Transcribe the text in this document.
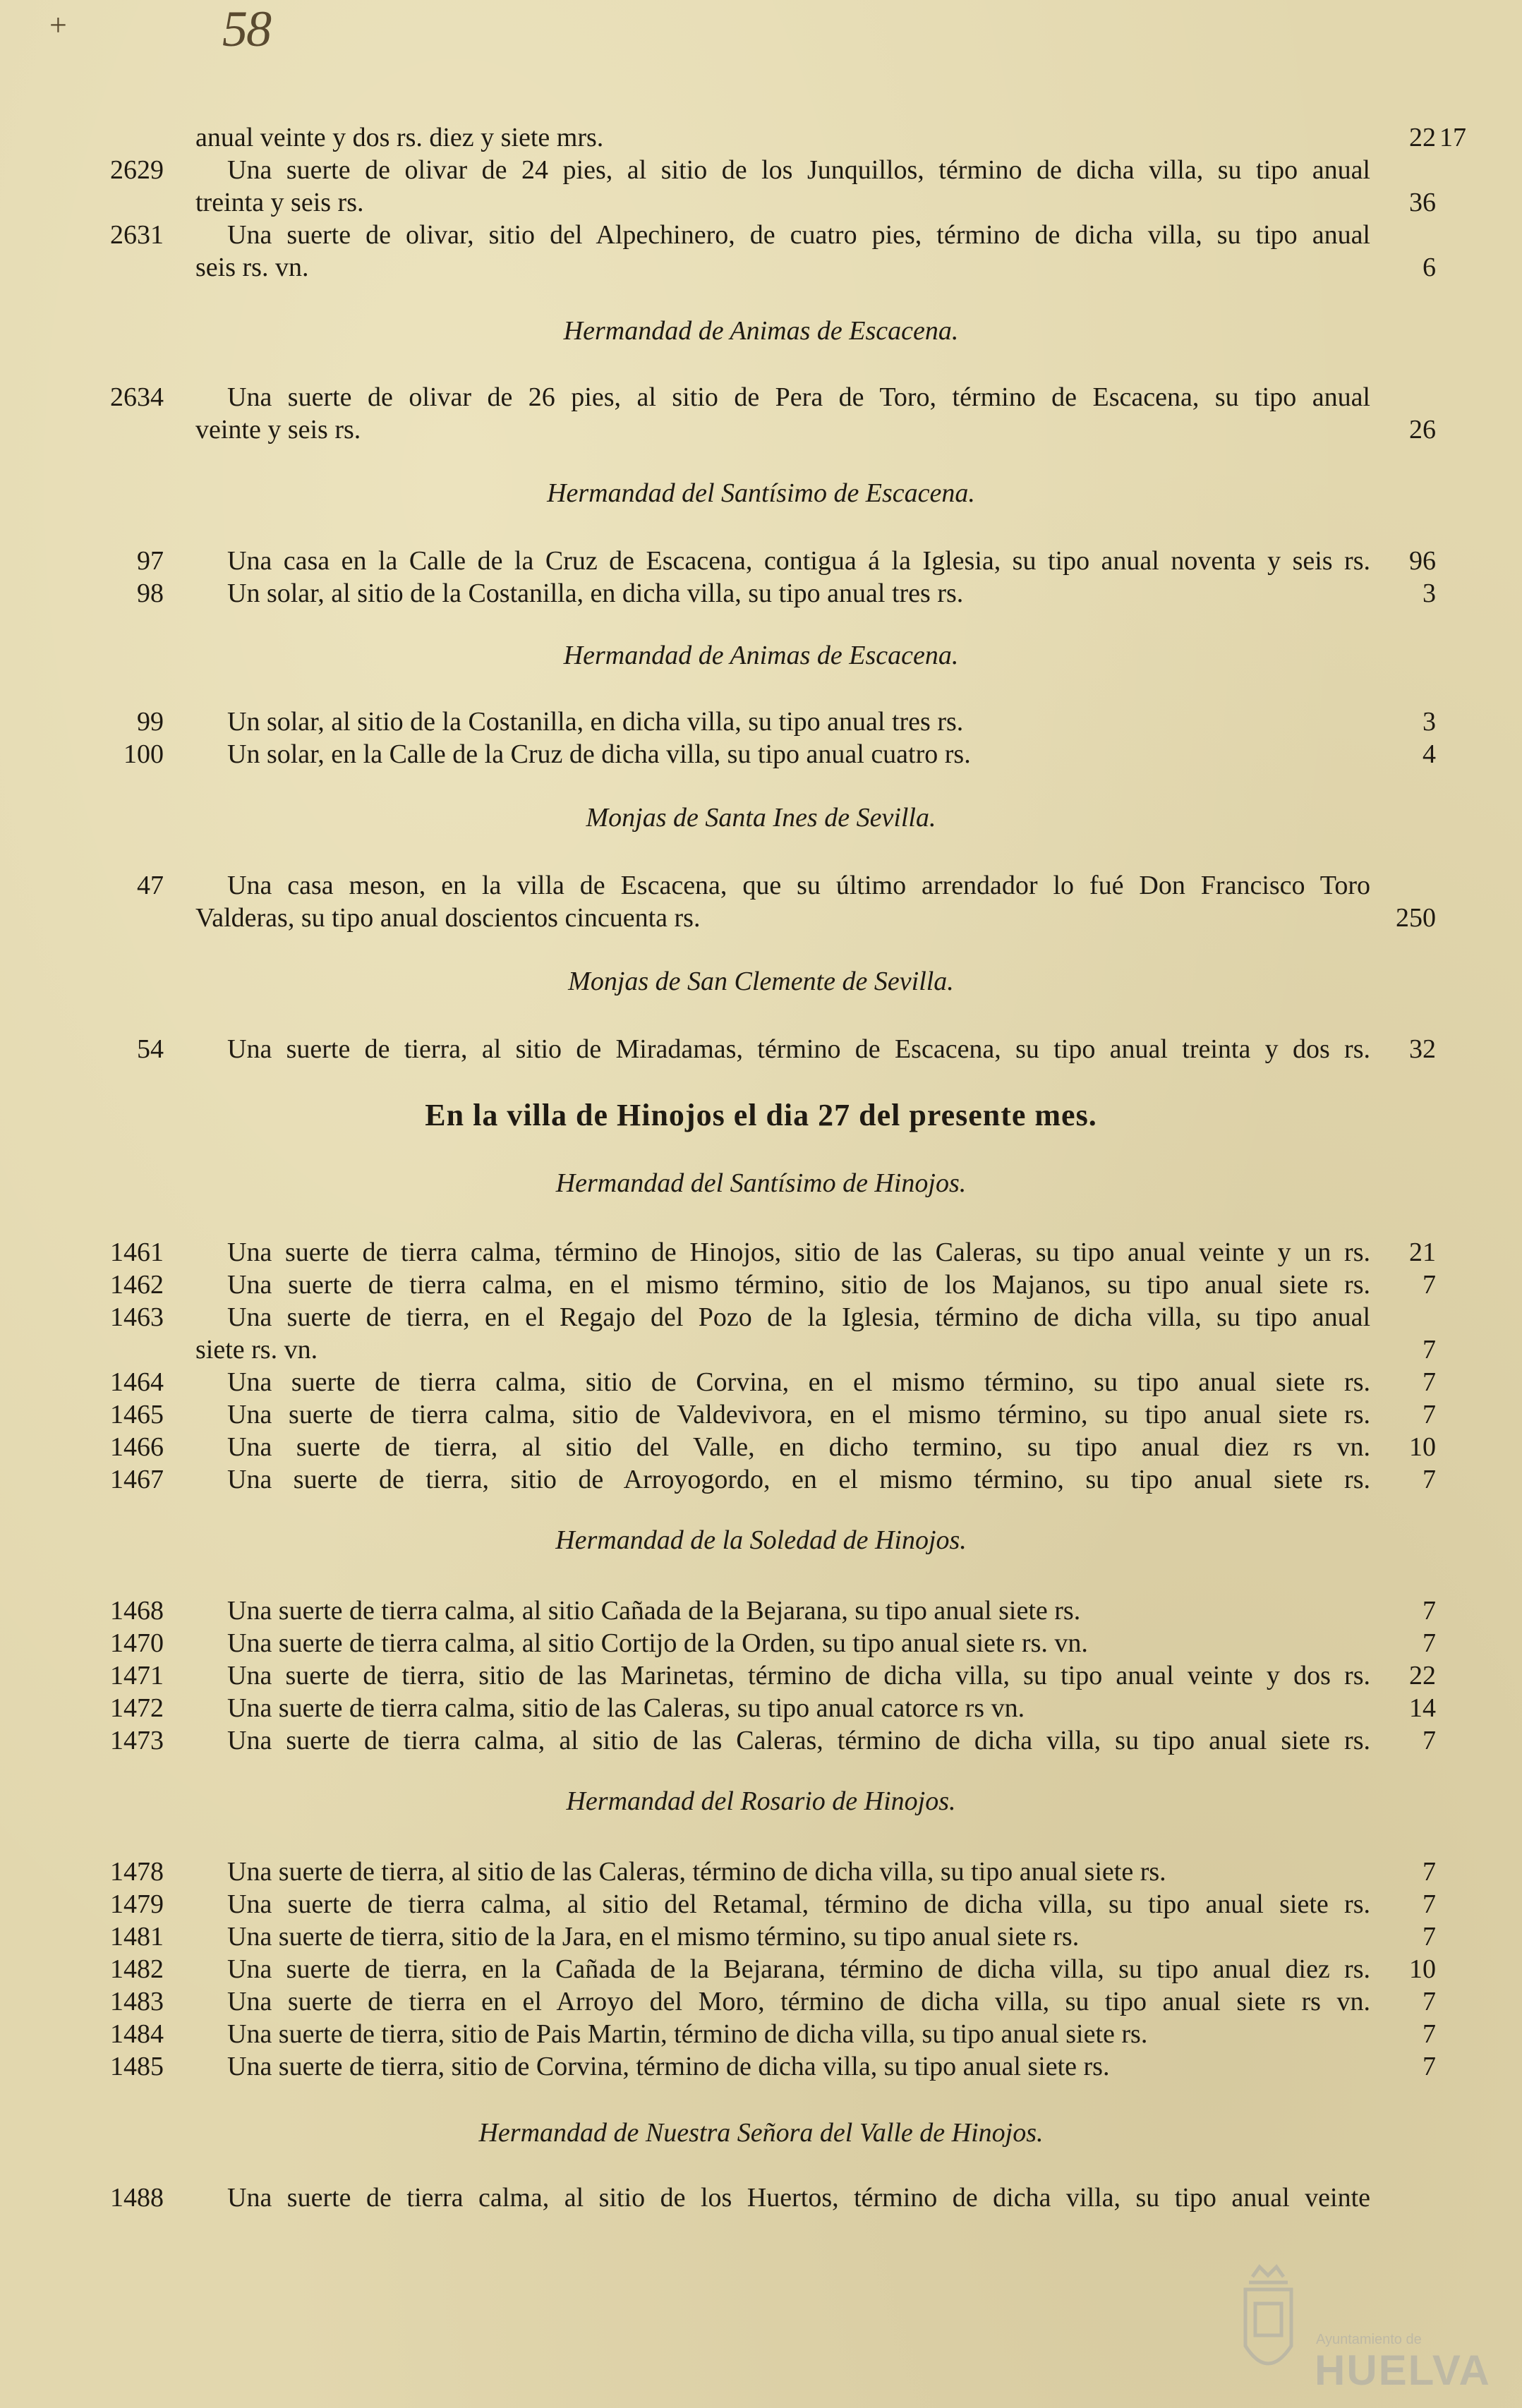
+	58
anual veinte y dos rs. diez y siete mrs.	22 17
2629 Una suerte de olivar de 24 pies, al sitio de los Junquillos, término de dicha villa, su tipo anual
treinta y seis rs.	36
2631 Una suerte de olivar, sitio del Alpechinero, de cuatro pies, término de dicha villa, su tipo anual
seis rs. vn.	6
Hermandad de Animas de Escacena.
2634 Una suerte de olivar de 26 pies, al sitio de Pera de Toro, término de Escacena, su tipo anual
veinte y seis rs.	26
Hermandad del Santísimo de Escacena.
97 Una casa en la Calle de la Cruz de Escacena, contigua á la Iglesia, su tipo anual noventa y seis rs.	96
98 Un solar, al sitio de la Costanilla, en dicha villa, su tipo anual tres rs.	3
Hermandad de Animas de Escacena.
99 Un solar, al sitio de la Costanilla, en dicha villa, su tipo anual tres rs.	3
100 Un solar, en la Calle de la Cruz de dicha villa, su tipo anual cuatro rs.	4
Monjas de Santa Ines de Sevilla.
47 Una casa meson, en la villa de Escacena, que su último arrendador lo fué Don Francisco Toro
Valderas, su tipo anual doscientos cincuenta rs.	250
Monjas de San Clemente de Sevilla.
54 Una suerte de tierra, al sitio de Miradamas, término de Escacena, su tipo anual treinta y dos rs.	32
En la villa de Hinojos el dia 27 del presente mes.
Hermandad del Santísimo de Hinojos.
1461 Una suerte de tierra calma, término de Hinojos, sitio de las Caleras, su tipo anual veinte y un rs.	21
1462 Una suerte de tierra calma, en el mismo término, sitio de los Majanos, su tipo anual siete rs.	7
1463 Una suerte de tierra, en el Regajo del Pozo de la Iglesia, término de dicha villa, su tipo anual
siete rs. vn.	7
1464 Una suerte de tierra calma, sitio de Corvina, en el mismo término, su tipo anual siete rs.	7
1465 Una suerte de tierra calma, sitio de Valdevivora, en el mismo término, su tipo anual siete rs.	7
1466 Una suerte de tierra, al sitio del Valle, en dicho termino, su tipo anual diez rs vn.	10
1467 Una suerte de tierra, sitio de Arroyogordo, en el mismo término, su tipo anual siete rs.	7
Hermandad de la Soledad de Hinojos.
1468 Una suerte de tierra calma, al sitio Cañada de la Bejarana, su tipo anual siete rs.	7
1470 Una suerte de tierra calma, al sitio Cortijo de la Orden, su tipo anual siete rs. vn.	7
1471 Una suerte de tierra, sitio de las Marinetas, término de dicha villa, su tipo anual veinte y dos rs.	22
1472 Una suerte de tierra calma, sitio de las Caleras, su tipo anual catorce rs vn.	14
1473 Una suerte de tierra calma, al sitio de las Caleras, término de dicha villa, su tipo anual siete rs.	7
Hermandad del Rosario de Hinojos.
1478 Una suerte de tierra, al sitio de las Caleras, término de dicha villa, su tipo anual siete rs.	7
1479 Una suerte de tierra calma, al sitio del Retamal, término de dicha villa, su tipo anual siete rs.	7
1481 Una suerte de tierra, sitio de la Jara, en el mismo término, su tipo anual siete rs.	7
1482 Una suerte de tierra, en la Cañada de la Bejarana, término de dicha villa, su tipo anual diez rs.	10
1483 Una suerte de tierra en el Arroyo del Moro, término de dicha villa, su tipo anual siete rs vn.	7
1484 Una suerte de tierra, sitio de Pais Martin, término de dicha villa, su tipo anual siete rs.	7
1485 Una suerte de tierra, sitio de Corvina, término de dicha villa, su tipo anual siete rs.	7
Hermandad de Nuestra Señora del Valle de Hinojos.
1488 Una suerte de tierra calma, al sitio de los Huertos, término de dicha villa, su tipo anual veinte
Ayuntamiento de
HUELVA
